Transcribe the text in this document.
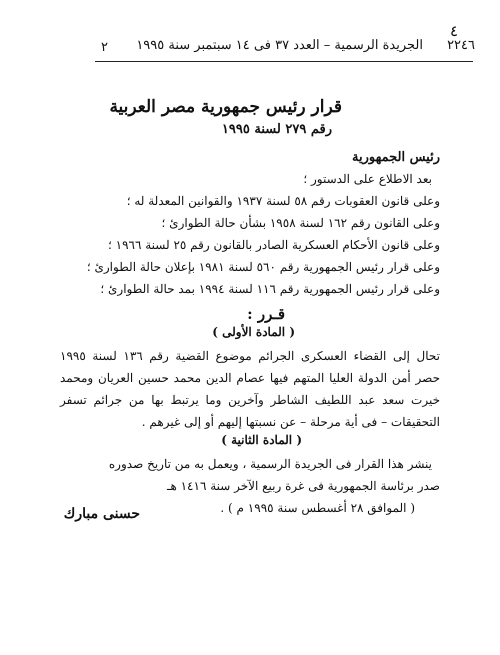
٤
٢٢٤٦
الجريدة الرسمية – العدد ٣٧ فى ١٤ سبتمبر سنة ١٩٩٥
٢
قرار رئيس جمهورية مصر العربية
رقم ٢٧٩ لسنة ١٩٩٥
رئيس الجمهورية
بعد الاطلاع على الدستور ؛
وعلى قانون العقوبات رقم ٥٨ لسنة ١٩٣٧ والقوانين المعدلة له ؛
وعلى القانون رقم ١٦٢ لسنة ١٩٥٨ بشأن حالة الطوارئ ؛
وعلى قانون الأحكام العسكرية الصادر بالقانون رقم ٢٥ لسنة ١٩٦٦ ؛
وعلى قرار رئيس الجمهورية رقم ٥٦٠ لسنة ١٩٨١ بإعلان حالة الطوارئ ؛
وعلى قرار رئيس الجمهورية رقم ١١٦ لسنة ١٩٩٤ بمد حالة الطوارئ ؛
قـرر :
( المادة الأولى )
تحال إلى القضاء العسكرى الجرائم موضوع القضية رقم ١٣٦ لسنة ١٩٩٥ حصر أمن الدولة العليا المتهم فيها عصام الدين محمد حسين العريان ومحمد خيرت سعد عبد اللطيف الشاطر وآخرين وما يرتبط بها من جرائم تسفر التحقيقات – فى أية مرحلة – عن نسبتها إليهم أو إلى غيرهم .
( المادة الثانية )
ينشر هذا القرار فى الجريدة الرسمية ، ويعمل به من تاريخ صدوره
صدر برئاسة الجمهورية فى غرة ربيع الآخر سنة ١٤١٦ هـ
( الموافق ٢٨ أغسطس سنة ١٩٩٥ م ) .
حسنى مبارك
